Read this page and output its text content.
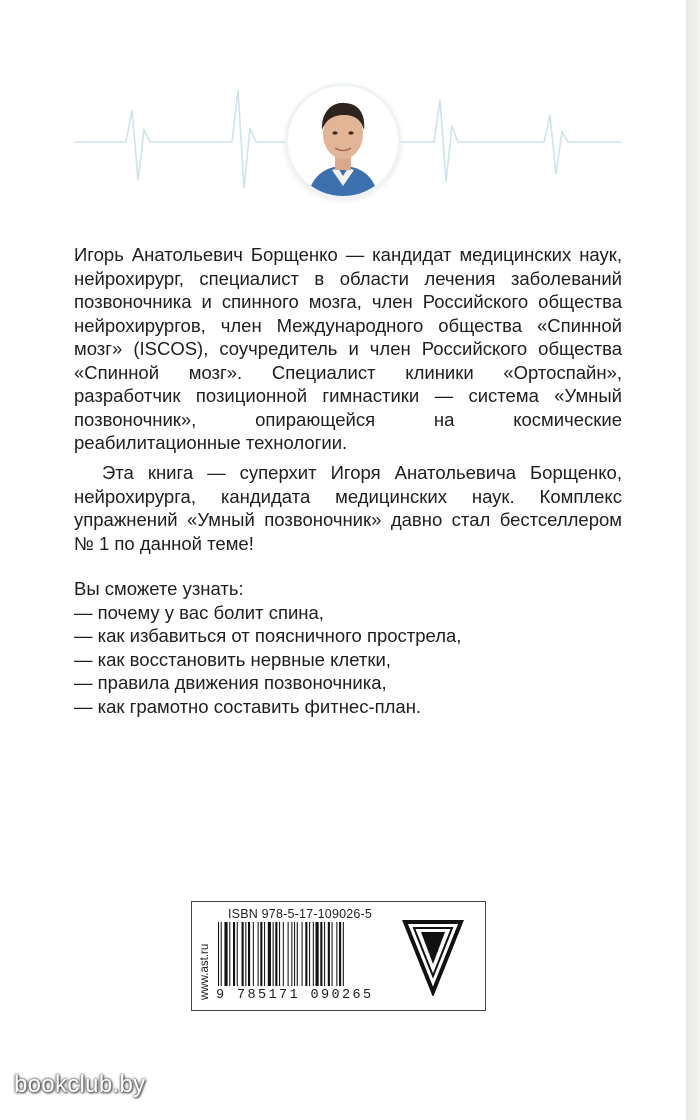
Игорь Анатольевич Борщенко — кандидат медицинских наук, нейрохирург, специалист в области лечения заболеваний позвоночника и спинного мозга, член Российского общества нейрохирургов, член Международного общества «Спинной мозг» (ISCOS), соучредитель и член Российского общества «Спинной мозг». Специалист клиники «Ортоспайн», разработчик позиционной гимнастики — система «Умный позвоночник»,	опирающейся на космические реабилитационные технологии.

Эта книга — суперхит Игоря Анатольевича Борщенко, нейрохирурга, кандидата медицинских наук. Комплекс упражнений «Умный позвоночник» давно стал бестселлером № 1 по данной теме!

Вы сможете узнать:
— почему у вас болит спина,
— как избавиться от поясничного прострела,
— как восстановить нервные клетки,
— правила движения позвоночника,
— как грамотно составить фитнес-план.
www.ast.ru
ISBN 978-5-17-109026-5
9 785171 090265
bookclub.by
